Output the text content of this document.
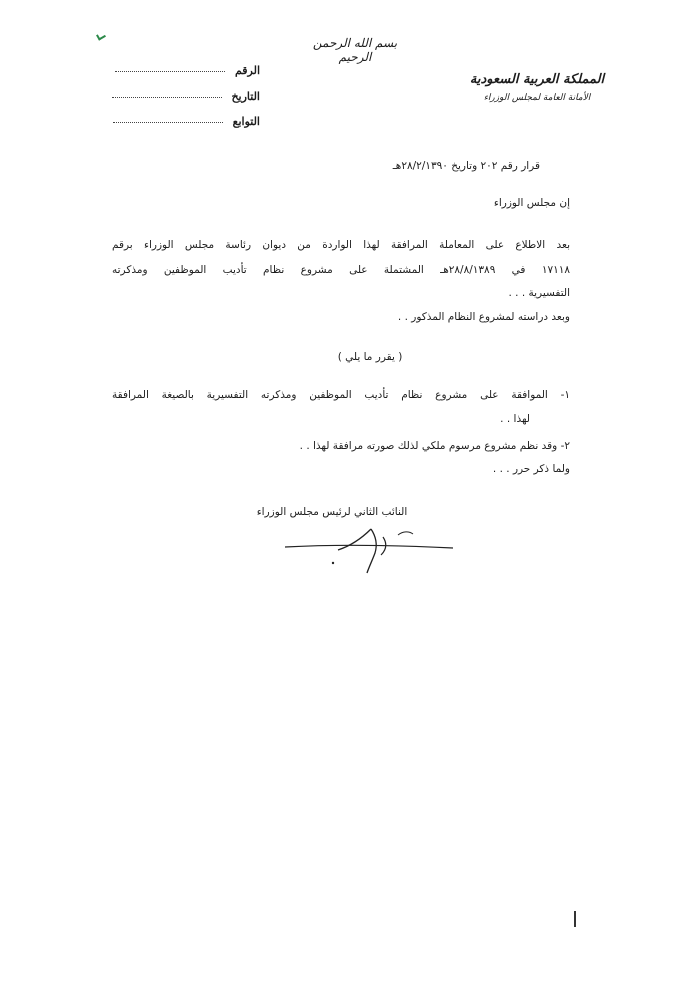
بسم الله الرحمن الرحيم
الرقم
التاريخ
التوابع
المملكة العربية السعودية
الأمانة العامة لمجلس الوزراء
قرار رقم ٢٠٢ وتاريخ ٢٨/٢/١٣٩٠هـ
إن مجلس الوزراء
بعد الاطلاع على المعاملة المرافقة لهذا الواردة من ديوان رئاسة مجلس الوزراء برقم
١٧١١٨ في ٢٨/٨/١٣٨٩هـ المشتملة على مشروع نظام تأديب الموظفين ومذكرته
التفسيرية . . .
وبعد دراسته لمشروع النظام المذكور . .
( يقرر ما يلي )
١- الموافقة على مشروع نظام تأديب الموظفين ومذكرته التفسيرية بالصيغة المرافقة
لهذا . .
٢- وقد نظم مشروع مرسوم ملكي لذلك صورته مرافقة لهذا . .
ولما ذكر حرر . . .
النائب الثاني لرئيس مجلس الوزراء
